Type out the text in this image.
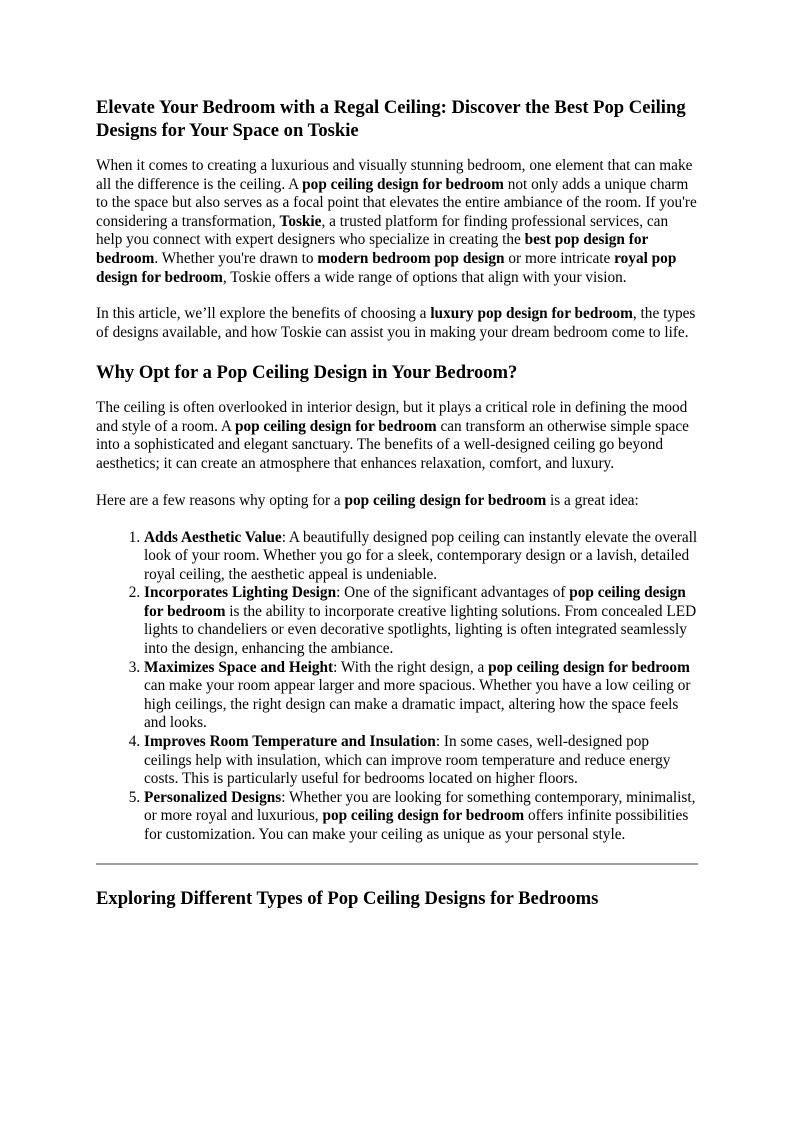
Elevate Your Bedroom with a Regal Ceiling: Discover the Best Pop Ceiling Designs for Your Space on Toskie

When it comes to creating a luxurious and visually stunning bedroom, one element that can make all the difference is the ceiling. A pop ceiling design for bedroom not only adds a unique charm to the space but also serves as a focal point that elevates the entire ambiance of the room. If you're considering a transformation, Toskie, a trusted platform for finding professional services, can help you connect with expert designers who specialize in creating the best pop design for bedroom. Whether you're drawn to modern bedroom pop design or more intricate royal pop design for bedroom, Toskie offers a wide range of options that align with your vision.

In this article, we’ll explore the benefits of choosing a luxury pop design for bedroom, the types of designs available, and how Toskie can assist you in making your dream bedroom come to life.

Why Opt for a Pop Ceiling Design in Your Bedroom?

The ceiling is often overlooked in interior design, but it plays a critical role in defining the mood and style of a room. A pop ceiling design for bedroom can transform an otherwise simple space into a sophisticated and elegant sanctuary. The benefits of a well-designed ceiling go beyond aesthetics; it can create an atmosphere that enhances relaxation, comfort, and luxury.

Here are a few reasons why opting for a pop ceiling design for bedroom is a great idea:

1. Adds Aesthetic Value: A beautifully designed pop ceiling can instantly elevate the overall look of your room. Whether you go for a sleek, contemporary design or a lavish, detailed royal ceiling, the aesthetic appeal is undeniable.
2. Incorporates Lighting Design: One of the significant advantages of pop ceiling design for bedroom is the ability to incorporate creative lighting solutions. From concealed LED lights to chandeliers or even decorative spotlights, lighting is often integrated seamlessly into the design, enhancing the ambiance.
3. Maximizes Space and Height: With the right design, a pop ceiling design for bedroom can make your room appear larger and more spacious. Whether you have a low ceiling or high ceilings, the right design can make a dramatic impact, altering how the space feels and looks.
4. Improves Room Temperature and Insulation: In some cases, well-designed pop ceilings help with insulation, which can improve room temperature and reduce energy costs. This is particularly useful for bedrooms located on higher floors.
5. Personalized Designs: Whether you are looking for something contemporary, minimalist, or more royal and luxurious, pop ceiling design for bedroom offers infinite possibilities for customization. You can make your ceiling as unique as your personal style.
Exploring Different Types of Pop Ceiling Designs for Bedrooms
